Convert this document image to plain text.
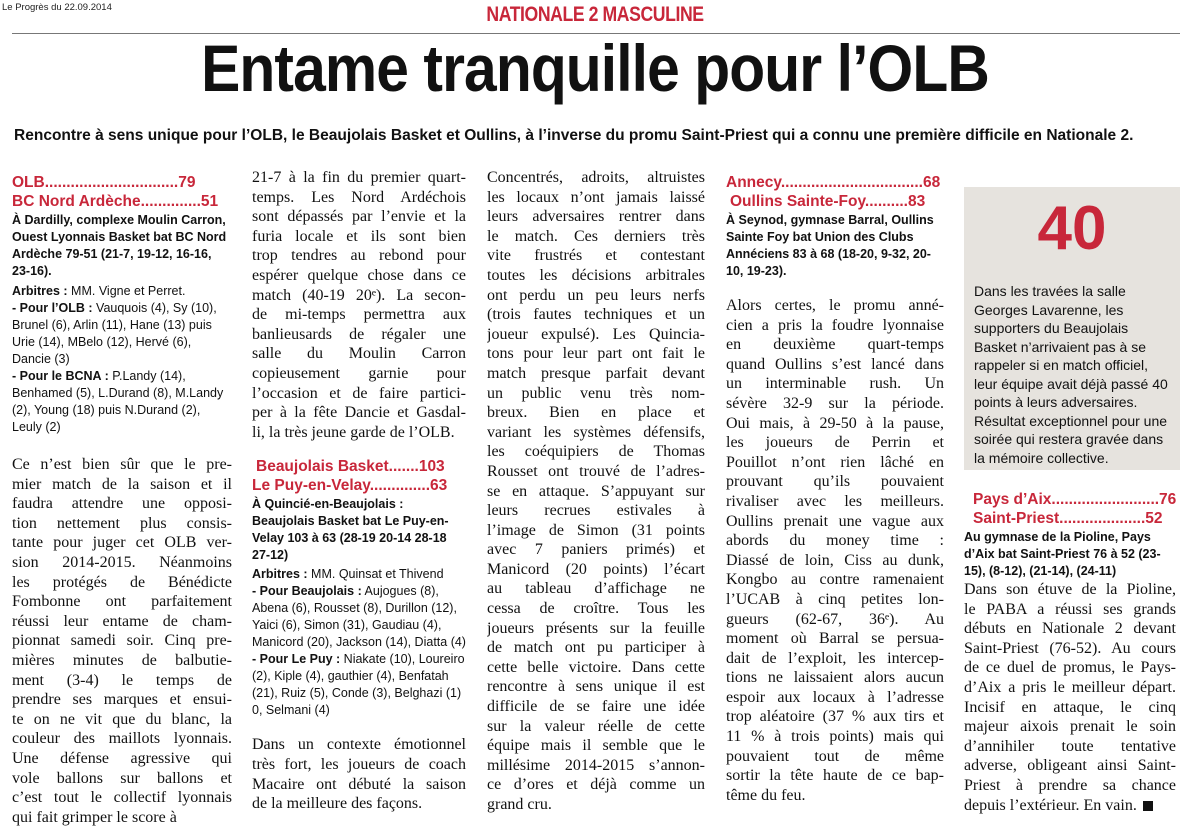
Le Progrès du 22.09.2014	NATIONALE 2 MASCULINE
Entame tranquille pour l’OLB
Rencontre à sens unique pour l’OLB, le Beaujolais Basket et Oullins, à l’inverse du promu Saint-Priest qui a connu une première difficile en Nationale 2.
OLB...............................79
BC Nord Ardèche..............51
À Dardilly, complexe Moulin Carron, Ouest Lyonnais Basket bat BC Nord Ardèche 79-51 (21-7, 19-12, 16-16, 23-16).
Arbitres : MM. Vigne et Perret.
- Pour l’OLB : Vauquois (4), Sy (10), Brunel (6), Arlin (11), Hane (13) puis Urie (14), MBelo (12), Hervé (6), Dancie (3)
- Pour le BCNA : P.Landy (14), Benhamed (5), L.Durand (8), M.Landy (2), Young (18) puis N.Durand (2), Leuly (2)
Ce n’est bien sûr que le pre-
mier match de la saison et il
faudra attendre une opposi-
tion nettement plus consis-
tante pour juger cet OLB ver-
sion 2014-2015. Néanmoins
les protégés de Bénédicte
Fombonne ont parfaitement
réussi leur entame de cham-
pionnat samedi soir. Cinq pre-
mières minutes de balbutie-
ment (3-4) le temps de
prendre ses marques et ensui-
te on ne vit que du blanc, la
couleur des maillots lyonnais.
Une défense agressive qui
vole ballons sur ballons et
c’est tout le collectif lyonnais
qui fait grimper le score à
21-7 à la fin du premier quart-
temps. Les Nord Ardéchois
sont dépassés par l’envie et la
furia locale et ils sont bien
trop tendres au rebond pour
espérer quelque chose dans ce
match (40-19 20ᵉ). La secon-
de mi-temps permettra aux
banlieusards de régaler une
salle du Moulin Carron
copieusement garnie pour
l’occasion et de faire partici-
per à la fête Dancie et Gasdal-
li, la très jeune garde de l’OLB.
Beaujolais Basket.......103
Le Puy-en-Velay..............63
À Quincié-en-Beaujolais : Beaujolais Basket bat Le Puy-en-Velay 103 à 63 (28-19 20-14 28-18 27-12)
Arbitres : MM. Quinsat et Thivend
- Pour Beaujolais : Aujogues (8), Abena (6), Rousset (8), Durillon (12), Yaici (6), Simon (31), Gaudiau (4), Manicord (20), Jackson (14), Diatta (4)
- Pour Le Puy : Niakate (10), Loureiro (2), Kiple (4), gauthier (4), Benfatah (21), Ruiz (5), Conde (3), Belghazi (1) 0, Selmani (4)
Dans un contexte émotionnel
très fort, les joueurs de coach
Macaire ont débuté la saison
de la meilleure des façons.
Concentrés, adroits, altruistes
les locaux n’ont jamais laissé
leurs adversaires rentrer dans
le match. Ces derniers très
vite frustrés et contestant
toutes les décisions arbitrales
ont perdu un peu leurs nerfs
(trois fautes techniques et un
joueur expulsé). Les Quincia-
tons pour leur part ont fait le
match presque parfait devant
un public venu très nom-
breux. Bien en place et
variant les systèmes défensifs,
les coéquipiers de Thomas
Rousset ont trouvé de l’adres-
se en attaque. S’appuyant sur
leurs recrues estivales à
l’image de Simon (31 points
avec 7 paniers primés) et
Manicord (20 points) l’écart
au tableau d’affichage ne
cessa de croître. Tous les
joueurs présents sur la feuille
de match ont pu participer à
cette belle victoire. Dans cette
rencontre à sens unique il est
difficile de se faire une idée
sur la valeur réelle de cette
équipe mais il semble que le
millésime 2014-2015 s’annon-
ce d’ores et déjà comme un
grand cru.
Annecy.................................68
Oullins Sainte-Foy..........83
À Seynod, gymnase Barral, Oullins Sainte Foy bat Union des Clubs Annéciens 83 à 68 (18-20, 9-32, 20-10, 19-23).
Alors certes, le promu anné-
cien a pris la foudre lyonnaise
en deuxième quart-temps
quand Oullins s’est lancé dans
un interminable rush. Un
sévère 32-9 sur la période.
Oui mais, à 29-50 à la pause,
les joueurs de Perrin et
Pouillot n’ont rien lâché en
prouvant qu’ils pouvaient
rivaliser avec les meilleurs.
Oullins prenait une vague aux
abords du money time :
Diassé de loin, Ciss au dunk,
Kongbo au contre ramenaient
l’UCAB à cinq petites lon-
gueurs (62-67, 36ᵉ). Au
moment où Barral se persua-
dait de l’exploit, les intercep-
tions ne laissaient alors aucun
espoir aux locaux à l’adresse
trop aléatoire (37 % aux tirs et
11 % à trois points) mais qui
pouvaient tout de même
sortir la tête haute de ce bap-
tême du feu.
40
Dans les travées la salle Georges Lavarenne, les supporters du Beaujolais Basket n’arrivaient pas à se rappeler si en match officiel, leur équipe avait déjà passé 40 points à leurs adversaires. Résultat exceptionnel pour une soirée qui restera gravée dans la mémoire collective.
Pays d’Aix.........................76
Saint-Priest....................52
Au gymnase de la Pioline, Pays d’Aix bat Saint-Priest 76 à 52 (23-15), (8-12), (21-14), (24-11)
Dans son étuve de la Pioline,
le PABA a réussi ses grands
débuts en Nationale 2 devant
Saint-Priest (76-52). Au cours
de ce duel de promus, le Pays-
d’Aix a pris le meilleur départ.
Incisif en attaque, le cinq
majeur aixois prenait le soin
d’annihiler toute tentative
adverse, obligeant ainsi Saint-
Priest à prendre sa chance
depuis l’extérieur. En vain.
